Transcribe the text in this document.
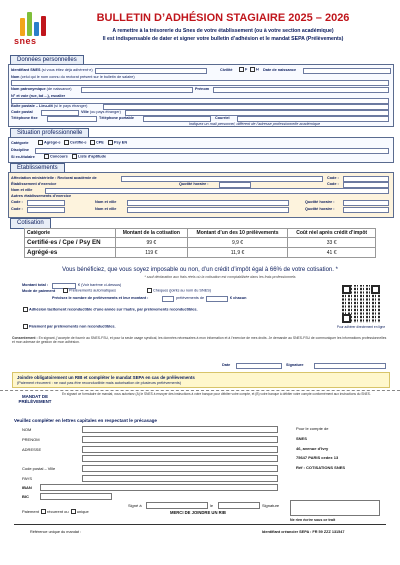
snes
BULLETIN D’ADHÉSION STAGIAIRE 2025 – 2026
A remettre à la trésorerie du Snes de votre établissement (ou à votre section académique)
Il est indispensable de dater et signer votre bulletin d’adhésion et le mandat SEPA (Prélèvements)
Données personnelles
Identifiant SNES (si vous étiez déjà adhérent·e)	Civilité	F	H Date de naissance
Nom (celui qui le nom connu du rectorat présent sur le bulletin de salaire)
Nom patronymique (de naissance)	Prénom
N° et voie (rue, bd ...), escalier
Boite postale – Lieu-dit (si le pays étranger)
Code postal	Ville (ou pays étranger)
Téléphone fixe	Téléphone portable	Courriel
Indiquez un mail personnel, différent de l’adresse professionnelle académique
Situation professionnelle
Catégorie	Agrégé·e	Certifié·e	CPE	Psy EN
Discipline
Si ex-titulaire	Concours	Liste d’aptitude
Etablissements
Affectation ministérielle : Rectorat académie de	Code :
Établissement d’exercice	Quotité horaire :	Code :
Nom et ville
Autres établissements d’exercice
Code :	Nom et ville	Quotité horaire :
Code :	Nom et ville	Quotité horaire :
Cotisation
Catégorie	Montant de la cotisation	Montant d’un des 10 prélèvements	Coût réel après crédit d’impôt
Certifié·es / Cpe / Psy EN	99 €	9,9 €	33 €
Agrégé·es	119 €	11,9 €	41 €
Vous bénéficiez, que vous soyez imposable ou non, d’un crédit d’impôt égal à 66% de votre cotisation. *
* sauf déclaration aux frais réels où la cotisation est comptabilisée dans les frais professionnels
Montant total :	€ (Voir barème ci-dessus)
Mode de paiement	Prélèvements automatiques	Chèques (joints au nom du SNES)
Précisez le nombre de prélèvements et leur montant :	prélèvements de	€ chacun
Adhésion tacitement reconductible d’une année sur l’autre, par prélèvements reconductibles.
Paiement par prélèvements non reconductibles.	Pour adhérer directement en ligne
Consentement : En signant, j’accepte de fournir au SNES-FSU, et pour la seule usage syndical, les données nécessaires à mon information et à l’exercice de mes droits. Je demande au SNES-FSU de communiquer les informations professionnelles et mon adresse de gestion de mon adhésion.
Date	Signature
Joindre obligatoirement un RIB et compléter le mandat SEPA en cas de prélèvements
(Paiement récurrent : ne vaut pas être reconductible mais autorisation de plusieurs prélèvements)
MANDAT DE PRÉLÈVEMENT
En signant ce formulaire de mandat, vous autorisez (A) le SNES à envoyer des instructions à votre banque pour débiter votre compte, et (B) votre banque à débiter votre compte conformément aux instructions du SNES.
Veuillez compléter en lettres capitales en respectant le précasage
NOM
PRENOM
ADRESSE
Code postal – Ville
PAYS
IBAN
BIC
Pour le compte de
SNES
46, avenue d’Ivry
75647 PARIS cedex 13
Réf : COTISATIONS SNES
Signé à	le	Signature
Paiement récurrent ou unique	MERCI DE JOINDRE UN RIB
Ne rien écrire sous ce trait
Référence unique du mandat :	Identifiant créancier SEPA : FR 59 ZZZ 131547
